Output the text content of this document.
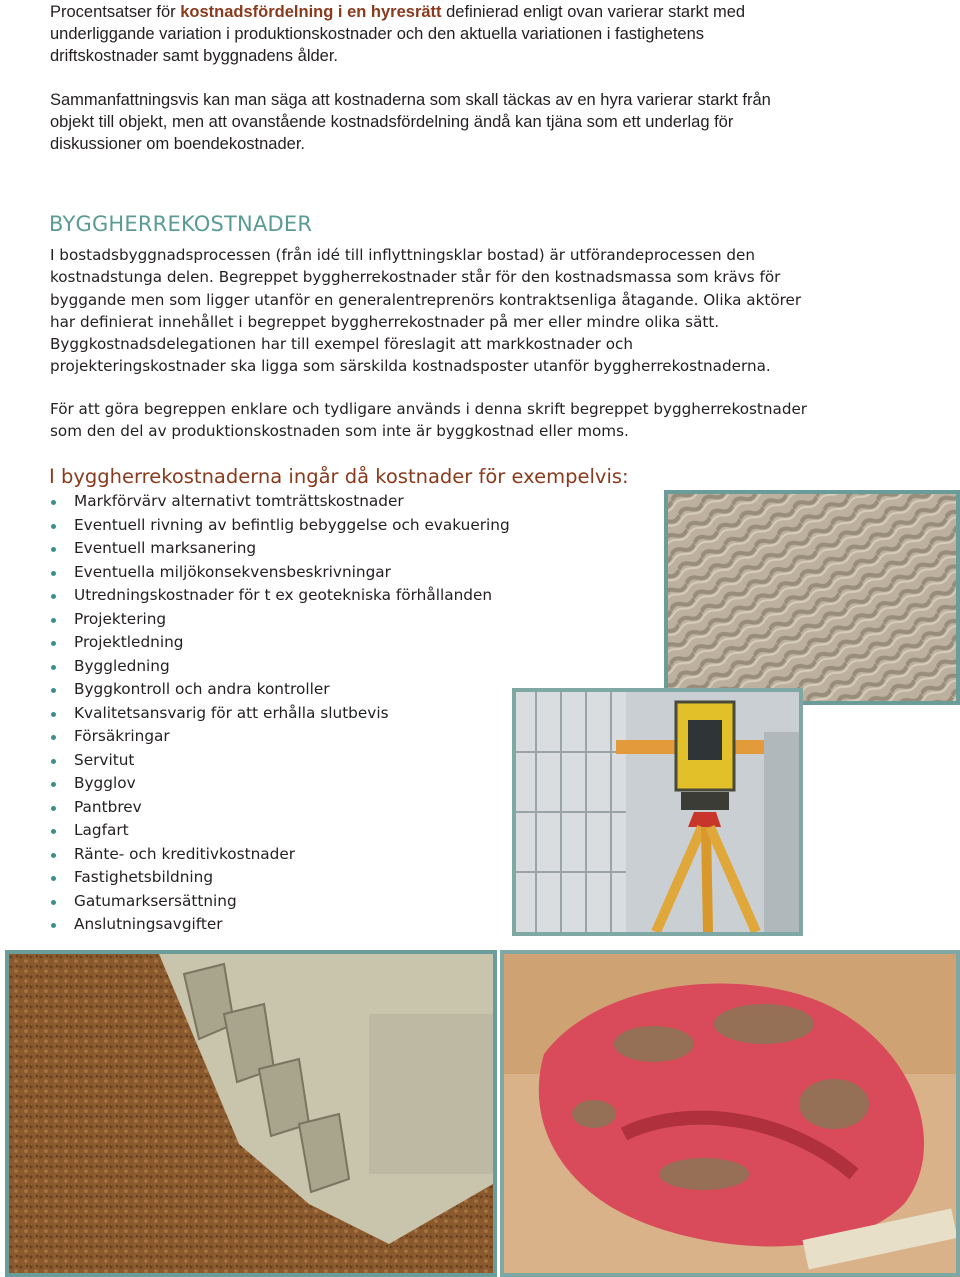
Procentsatser för kostnadsfördelning i en hyresrätt definierad enligt ovan varierar starkt med underliggande variation i produktionskostnader och den aktuella variationen i fastighetens driftskostnader samt byggnadens ålder.

Sammanfattningsvis kan man säga att kostnaderna som skall täckas av en hyra varierar starkt från objekt till objekt, men att ovanstående kostnadsfördelning ändå kan tjäna som ett underlag för diskussioner om boendekostnader.

BYGGHERREKOSTNADER

I bostadsbyggnadsprocessen (från idé till inflyttningsklar bostad) är utförandeprocessen den kostnadstunga delen. Begreppet byggherrekostnader står för den kostnadsmassa som krävs för byggande men som ligger utanför en generalentreprenörs kontraktsenliga åtagande. Olika aktörer har definierat innehållet i begreppet byggherrekostnader på mer eller mindre olika sätt. Byggkostnadsdelegationen har till exempel föreslagit att markkostnader och projekteringskostnader ska ligga som särskilda kostnadsposter utanför byggherrekostnaderna.

För att göra begreppen enklare och tydligare används i denna skrift begreppet byggherrekostnader som den del av produktionskostnaden som inte är byggkostnad eller moms.

I byggherrekostnaderna ingår då kostnader för exempelvis:
Markförvärv alternativt tomträttskostnader
Eventuell rivning av befintlig bebyggelse och evakuering
Eventuell marksanering
Eventuella miljökonsekvensbeskrivningar
Utredningskostnader för t ex geotekniska förhållanden
Projektering
Projektledning
Byggledning
Byggkontroll och andra kontroller
Kvalitetsansvarig för att erhålla slutbevis
Försäkringar
Servitut
Bygglov
Pantbrev
Lagfart
Ränte- och kreditivkostnader
Fastighetsbildning
Gatumarksersättning
Anslutningsavgifter
